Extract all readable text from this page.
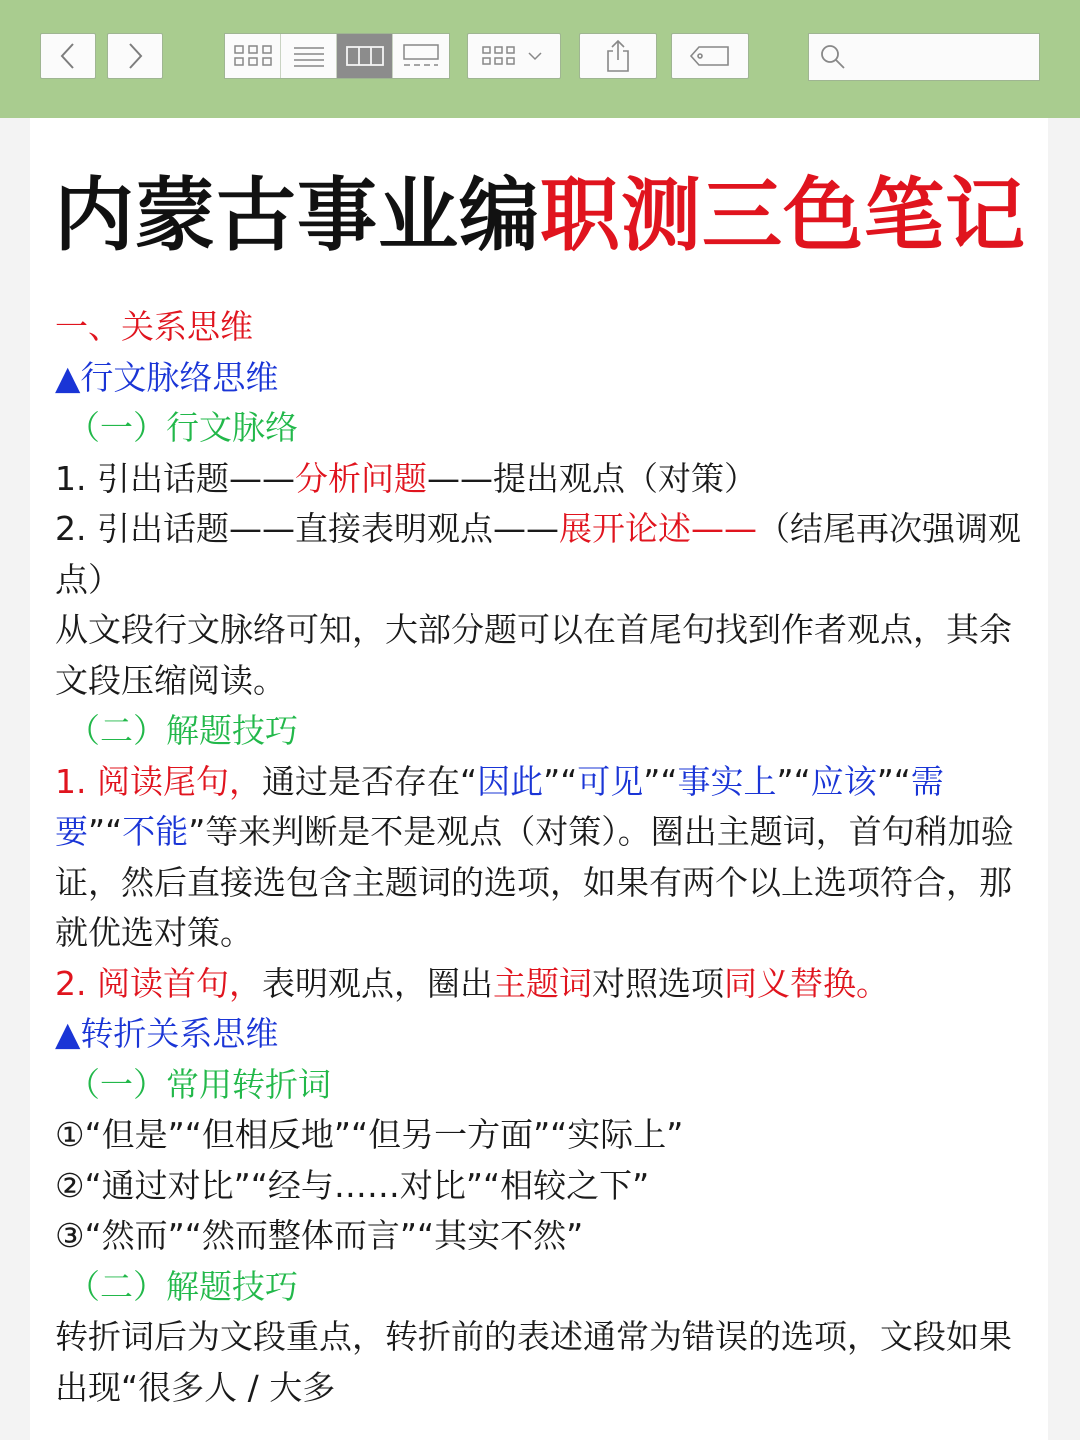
内蒙古事业编职测三色笔记
一、关系思维
▲行文脉络思维
（一）行文脉络
1. 引出话题——分析问题——提出观点（对策）
2. 引出话题——直接表明观点——展开论述——（结尾再次强调观点）
从文段行文脉络可知，大部分题可以在首尾句找到作者观点，其余文段压缩阅读。
（二）解题技巧
1. 阅读尾句，通过是否存在“因此”“可见”“事实上”“应该”“需要”“不能”等来判断是不是观点（对策）。圈出主题词，首句稍加验证，然后直接选包含主题词的选项，如果有两个以上选项符合，那就优选对策。
2. 阅读首句，表明观点，圈出主题词对照选项同义替换。
▲转折关系思维
（一）常用转折词
①“但是”“但相反地”“但另一方面”“实际上”
②“通过对比”“经与……对比”“相较之下”
③“然而”“然而整体而言”“其实不然”
（二）解题技巧
转折词后为文段重点，转折前的表述通常为错误的选项，文段如果出现“很多人 / 大多
